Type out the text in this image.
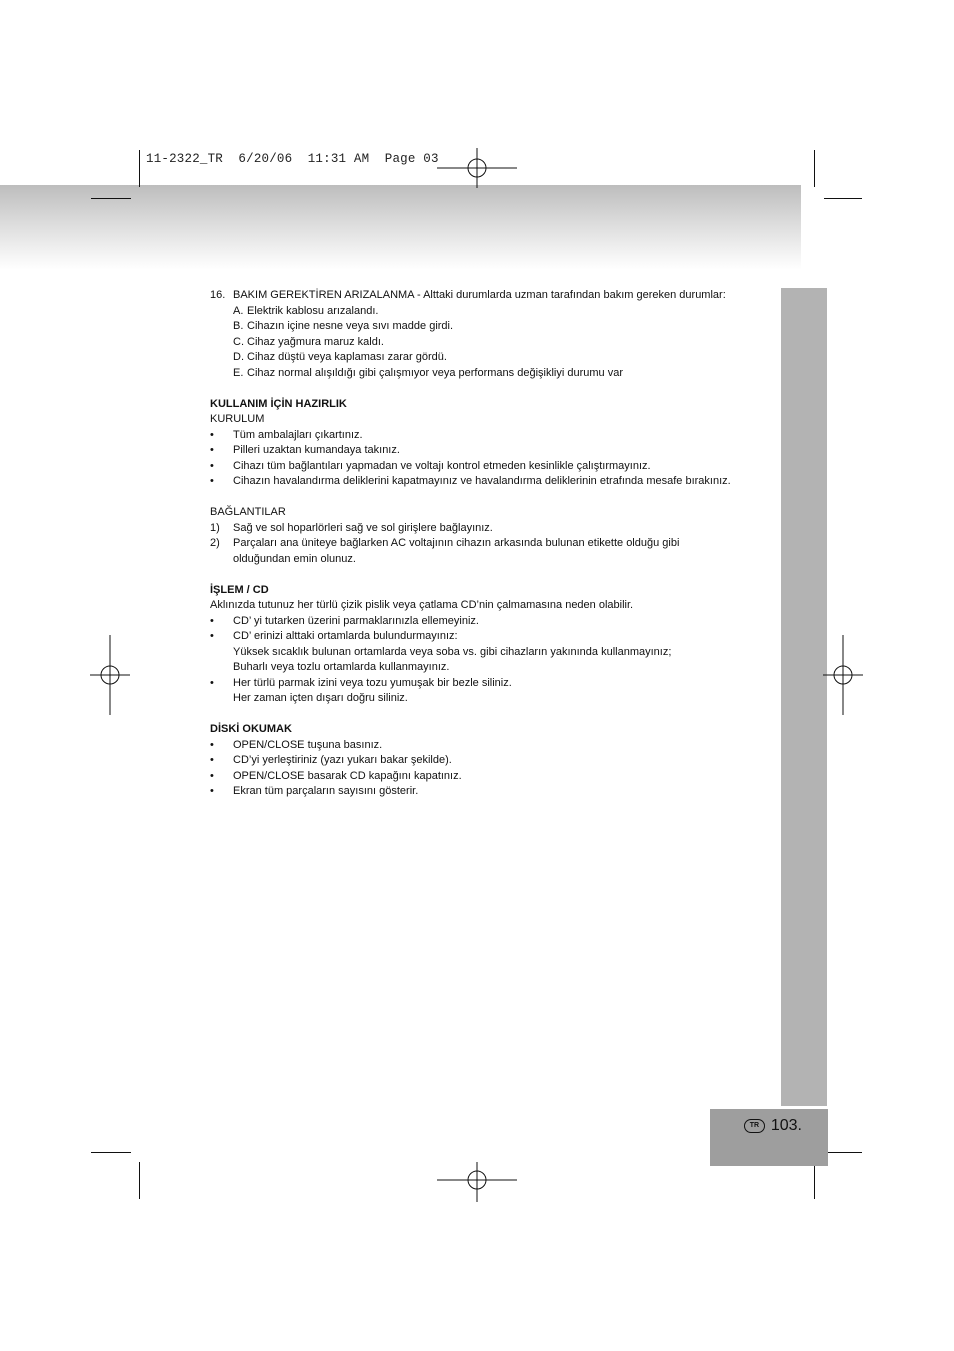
11-2322_TR  6/20/06  11:31 AM  Page 03
TR 103.
16. BAKIM GEREKTİREN ARIZALANMA - Alttaki durumlarda uzman tarafından bakım gereken durumlar:
A. Elektrik kablosu arızalandı.
B. Cihazın içine nesne veya sıvı madde girdi.
C. Cihaz yağmura maruz kaldı.
D. Cihaz düştü veya kaplaması zarar gördü.
E. Cihaz normal alışıldığı gibi çalışmıyor veya performans değişikliyi durumu var
KULLANIM İÇİN HAZIRLIK

KURULUM

•	Tüm ambalajları çıkartınız.
•	Pilleri uzaktan kumandaya takınız.
•	Cihazı tüm bağlantıları yapmadan ve voltajı kontrol etmeden kesinlikle çalıştırmayınız.
•	Cihazın havalandırma deliklerini kapatmayınız ve havalandırma deliklerinin etrafında mesafe bırakınız.

BAĞLANTILAR

1)	Sağ ve sol hoparlörleri sağ ve sol girişlere bağlayınız.
2)	Parçaları ana üniteye bağlarken AC voltajının cihazın arkasında bulunan etikette olduğu gibi
olduğundan emin olunuz.
İŞLEM / CD

Aklınızda tutunuz her türlü çizik pislik veya çatlama CD’nin çalmamasına neden olabilir.

•	CD’ yi tutarken üzerini parmaklarınızla ellemeyiniz.
•	CD’ erinizi alttaki ortamlarda bulundurmayınız:
Yüksek sıcaklık bulunan ortamlarda veya soba vs. gibi cihazların yakınında kullanmayınız;
Buharlı veya tozlu ortamlarda kullanmayınız.
•	Her türlü parmak izini veya tozu yumuşak bir bezle siliniz.
Her zaman içten dışarı doğru siliniz.
DİSKİ OKUMAK
•	OPEN/CLOSE tuşuna basınız.
•	CD’yi yerleştiriniz (yazı yukarı bakar şekilde).
•	OPEN/CLOSE basarak CD kapağını kapatınız.
•	Ekran tüm parçaların sayısını gösterir.
